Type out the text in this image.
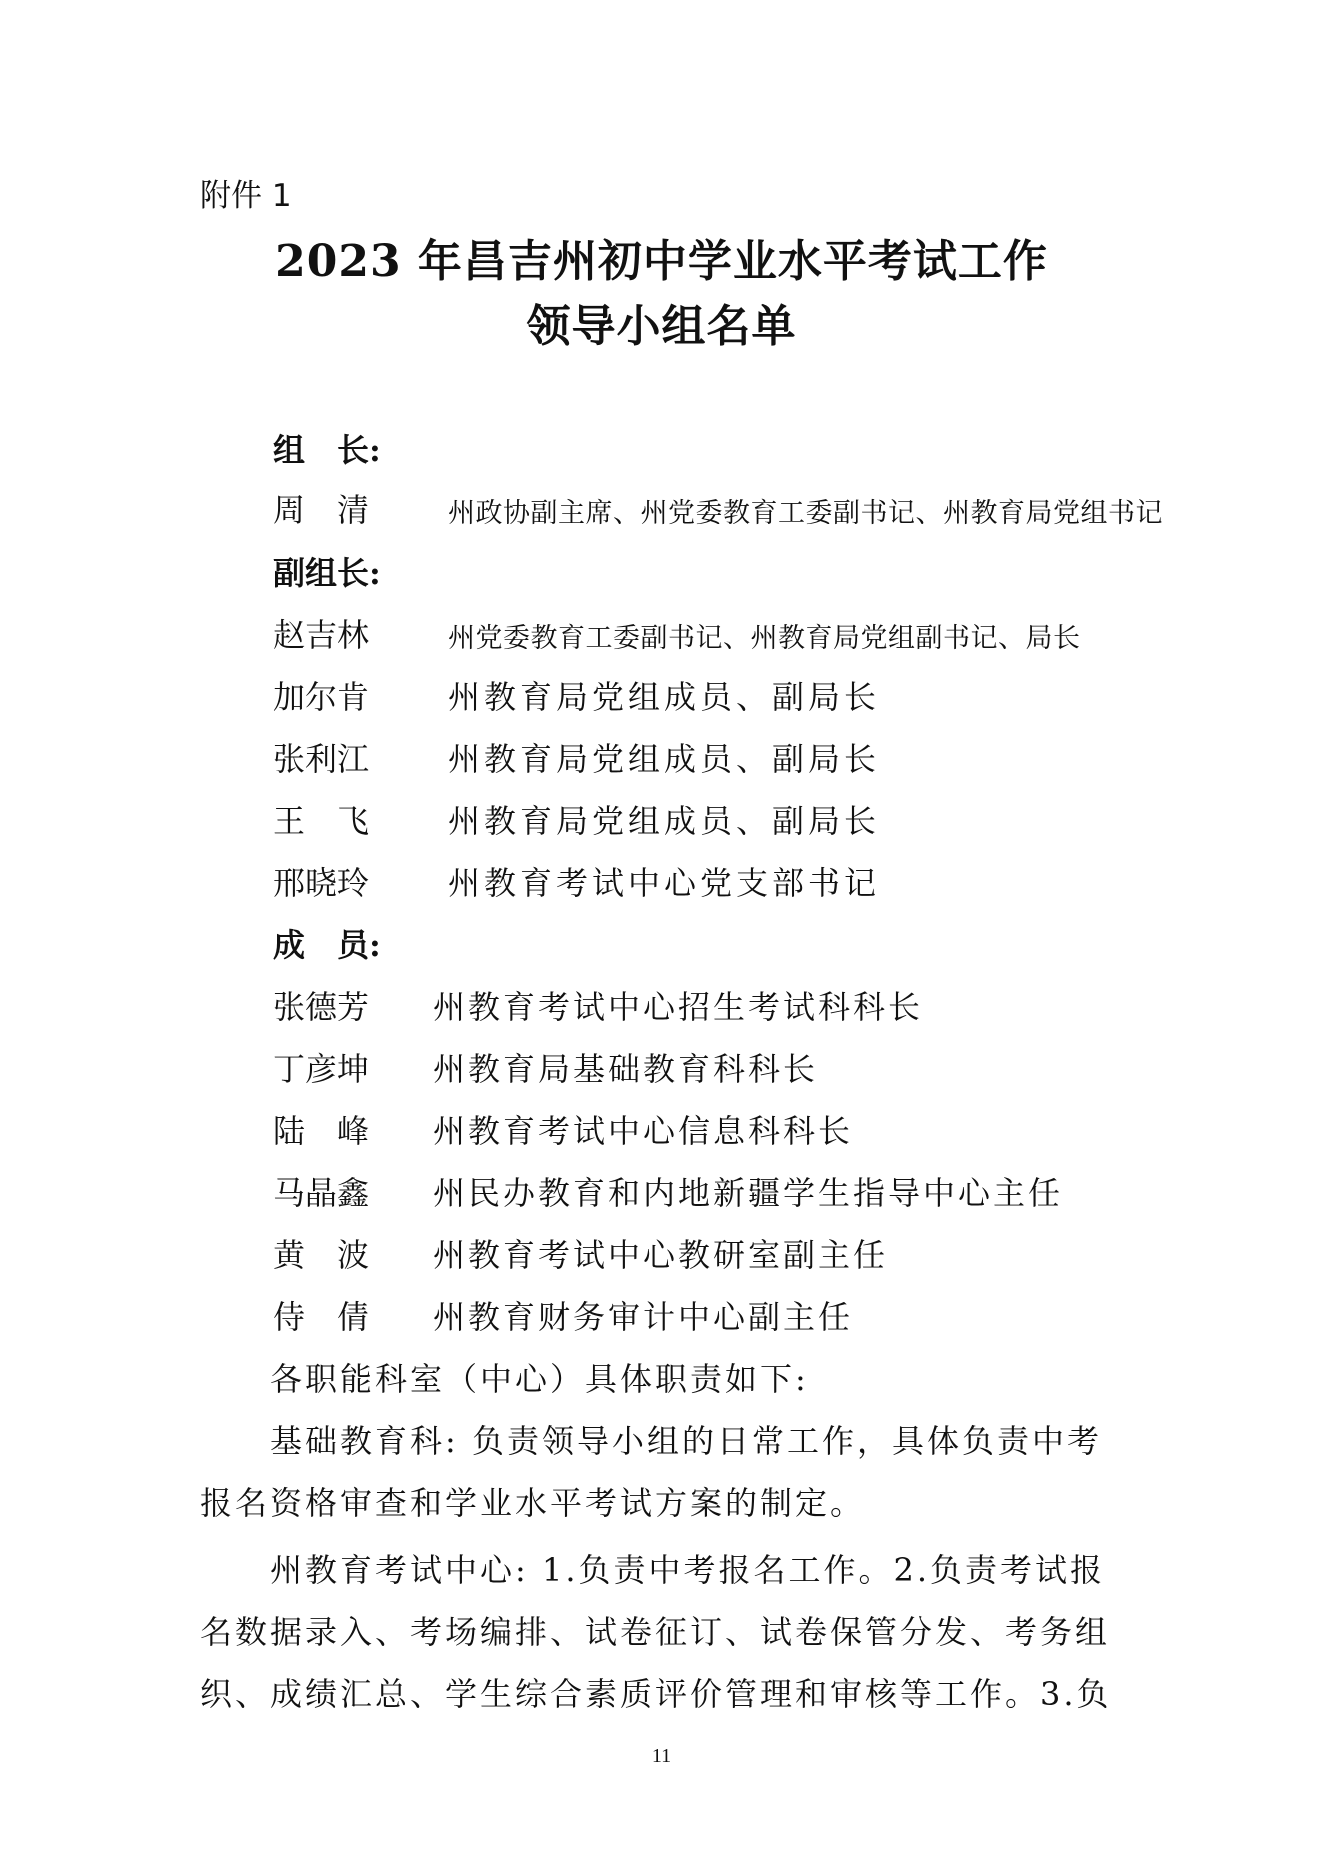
附件 1
2023 年昌吉州初中学业水平考试工作
领导小组名单
组　长:

周　清

	州政协副主席、州党委教育工委副书记、州教育局党组书记

副组长:

赵吉林

	州党委教育工委副书记、州教育局党组副书记、局长

加尔肯

州教育局党组成员、副局长

张利江

州教育局党组成员、副局长

王　飞

州教育局党组成员、副局长

邢晓玲

州教育考试中心党支部书记

成　员:

张德芳

州教育考试中心招生考试科科长

丁彦坤

州教育局基础教育科科长

陆　峰

州教育考试中心信息科科长

马晶鑫

州民办教育和内地新疆学生指导中心主任

黄　波

州教育考试中心教研室副主任

侍　倩

州教育财务审计中心副主任

　　各职能科室（中心）具体职责如下:
　　基础教育科: 负责领导小组的日常工作，具体负责中考
报名资格审查和学业水平考试方案的制定。
　　州教育考试中心: 1.负责中考报名工作。2.负责考试报
名数据录入、考场编排、试卷征订、试卷保管分发、考务组
织、成绩汇总、学生综合素质评价管理和审核等工作。3.负
11
